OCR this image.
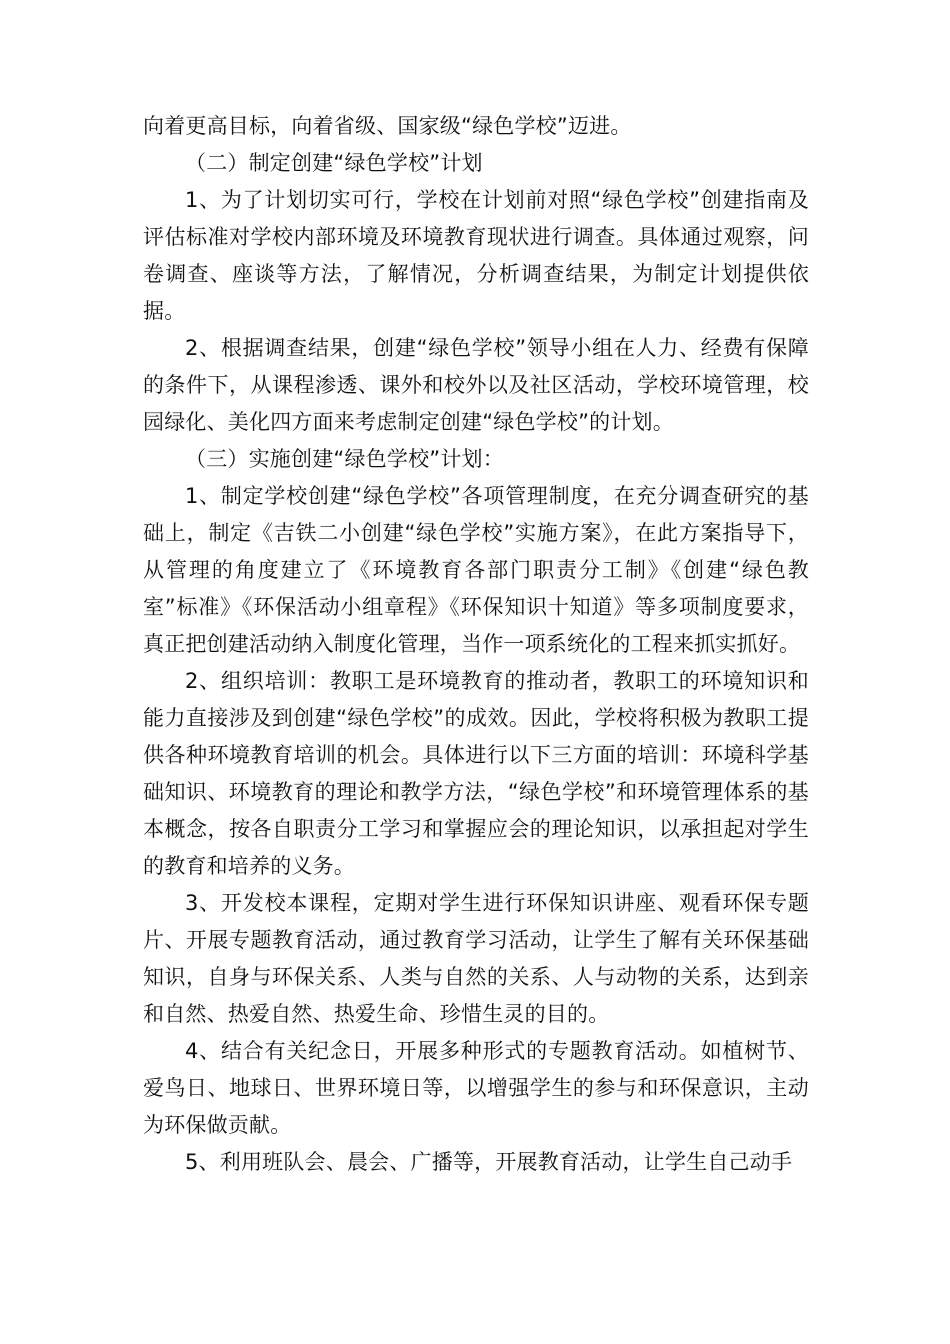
向着更高目标，向着省级、国家级“绿色学校”迈进。

（二）制定创建“绿色学校”计划

1、为了计划切实可行，学校在计划前对照“绿色学校”创建指南及评估标准对学校内部环境及环境教育现状进行调查。具体通过观察，问卷调查、座谈等方法，了解情况，分析调查结果，为制定计划提供依据。

2、根据调查结果，创建“绿色学校”领导小组在人力、经费有保障的条件下，从课程渗透、课外和校外以及社区活动，学校环境管理，校园绿化、美化四方面来考虑制定创建“绿色学校”的计划。

（三）实施创建“绿色学校”计划：

1、制定学校创建“绿色学校”各项管理制度，在充分调查研究的基础上，制定《吉铁二小创建“绿色学校”实施方案》，在此方案指导下，从管理的角度建立了《环境教育各部门职责分工制》《创建“绿色教室”标准》《环保活动小组章程》《环保知识十知道》等多项制度要求，真正把创建活动纳入制度化管理，当作一项系统化的工程来抓实抓好。

2、组织培训：教职工是环境教育的推动者，教职工的环境知识和能力直接涉及到创建“绿色学校”的成效。因此，学校将积极为教职工提供各种环境教育培训的机会。具体进行以下三方面的培训：环境科学基础知识、环境教育的理论和教学方法，“绿色学校”和环境管理体系的基本概念，按各自职责分工学习和掌握应会的理论知识，以承担起对学生的教育和培养的义务。

3、开发校本课程，定期对学生进行环保知识讲座、观看环保专题片、开展专题教育活动，通过教育学习活动，让学生了解有关环保基础知识，自身与环保关系、人类与自然的关系、人与动物的关系，达到亲和自然、热爱自然、热爱生命、珍惜生灵的目的。

4、结合有关纪念日，开展多种形式的专题教育活动。如植树节、爱鸟日、地球日、世界环境日等，以增强学生的参与和环保意识，主动为环保做贡献。

5、利用班队会、晨会、广播等，开展教育活动，让学生自己动手
